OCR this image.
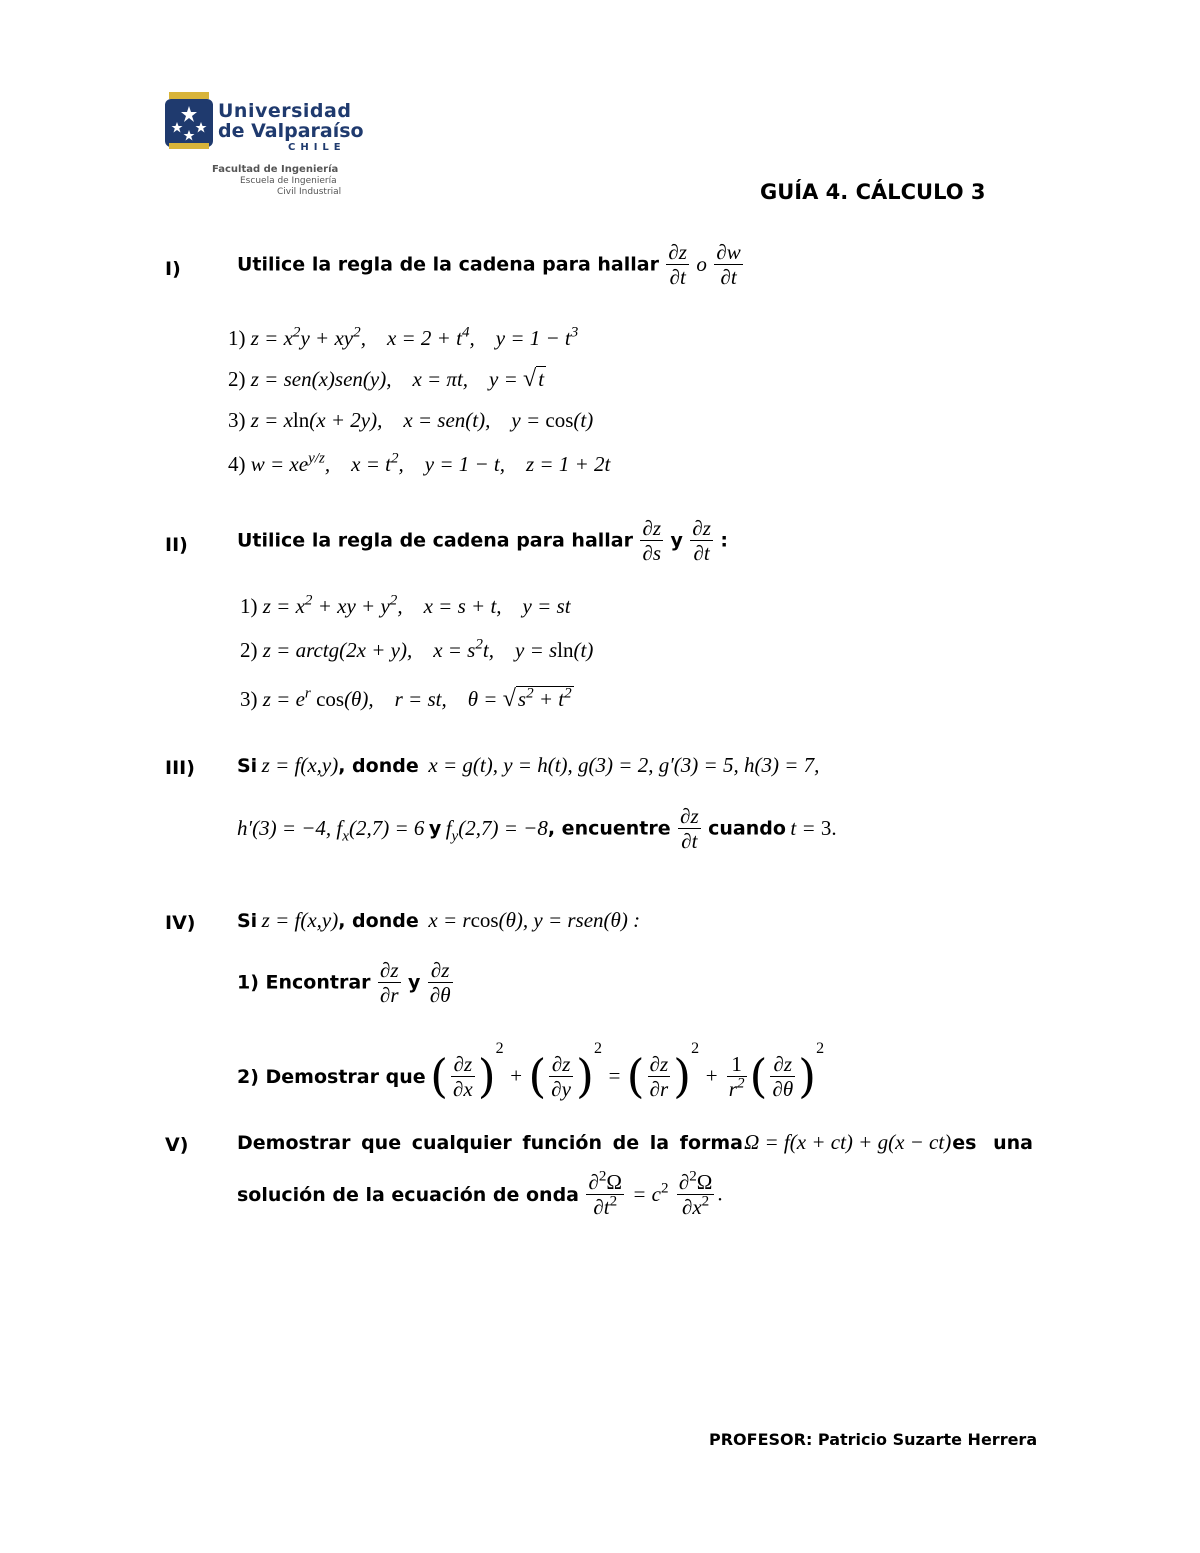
Universidad
de Valparaíso
CHILE
Facultad de Ingeniería
Escuela de Ingeniería
Civil Industrial	GUÍA 4. CÁLCULO 3
I)	Utilice la regla de la cadena para hallar $\frac{\partial z}{\partial t}$ o $\frac{\partial w}{\partial t}$
1) $z = x^2y + xy^2$,    $x = 2 + t^4$,    $y = 1 - t^3$
2) z = sen(x)sen(y),    x = πt,    y = √t
3) z = xln(x + 2y),    x = sen(t),    y = cos(t)
4) $w = xe^{y/z}$,    $x = t^2$,    y = 1 − t,    z = 1 + 2t
II)	Utilice la regla de cadena para hallar $\frac{\partial z}{\partial s}$ y $\frac{\partial z}{\partial t}$ :
1) $z = x^2$ + xy + $y^2$,    x = s + t,    y = st
2) z = arctg(2x + y),    $x = s^2t$,    y = sln(t)
3) $z = e^r$ cos(θ),    r = st,    $\theta = √s^2 + t^2$
III) Si z = f(x,y), donde  x = g(t), y = h(t), g(3) = 2, g′(3) = 5, h(3) = 7,
h′(3) = −4, $f_x(2,7) = 6$ y $f_y(2,7) = -8$, encuentre $\frac{\partial z}{\partial t}$ cuando t = 3.
IV) Si z = f(x,y), donde  x = rcos(θ), y = rsen(θ) :
1) Encontrar $\frac{\partial z}{\partial r}$ y $\frac{\partial z}{\partial\theta}$
2) Demostrar que ( $\frac{\partial z}{\partial x} )^2$ + ( $\frac{\partial z}{\partial y} )^2$ = ( $\frac{\partial z}{\partial r} )^2 + \frac{1}{r^2}$ ( $\frac{\partial z}{\partial\theta} )^2$
V)	Demostrar que cualquier función de la forma Ω = f(x + ct) + g(x − ct) es una
solución de la ecuación de onda $\frac{\partial^2\Omega}{\partial t^2} = c^2 \frac{\partial^2\Omega}{\partial x^2}$ .
PROFESOR: Patricio Suzarte Herrera
